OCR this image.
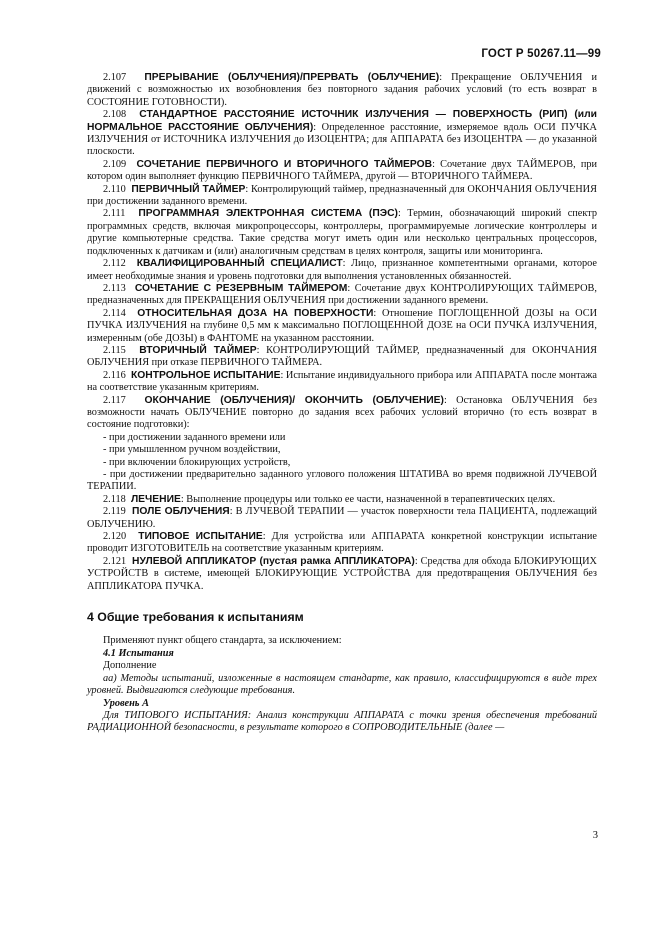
ГОСТ Р 50267.11—99

2.107 ПРЕРЫВАНИЕ (ОБЛУЧЕНИЯ)/ПРЕРВАТЬ (ОБЛУЧЕНИЕ): Прекращение ОБЛУЧЕНИЯ и движений с возможностью их возобновления без повторного задания рабочих условий (то есть возврат в СОСТОЯНИЕ ГОТОВНОСТИ).

2.108 СТАНДАРТНОЕ РАССТОЯНИЕ ИСТОЧНИК ИЗЛУЧЕНИЯ — ПОВЕРХНОСТЬ (РИП) (или НОРМАЛЬНОЕ РАССТОЯНИЕ ОБЛУЧЕНИЯ): Определенное расстояние, измеряемое вдоль ОСИ ПУЧКА ИЗЛУЧЕНИЯ от ИСТОЧНИКА ИЗЛУЧЕНИЯ до ИЗОЦЕНТРА; для АППАРАТА без ИЗОЦЕНТРА — до указанной плоскости.

2.109 СОЧЕТАНИЕ ПЕРВИЧНОГО И ВТОРИЧНОГО ТАЙМЕРОВ: Сочетание двух ТАЙМЕРОВ, при котором один выполняет функцию ПЕРВИЧНОГО ТАЙМЕРА, другой — ВТОРИЧНОГО ТАЙМЕРА.

2.110 ПЕРВИЧНЫЙ ТАЙМЕР: Контролирующий таймер, предназначенный для ОКОНЧАНИЯ ОБЛУЧЕНИЯ при достижении заданного времени.

2.111 ПРОГРАММНАЯ ЭЛЕКТРОННАЯ СИСТЕМА (ПЭС): Термин, обозначающий широкий спектр программных средств, включая микропроцессоры, контроллеры, программируемые логические контроллеры и другие компьютерные средства. Такие средства могут иметь один или несколько центральных процессоров, подключенных к датчикам и (или) аналогичным средствам в целях контроля, защиты или мониторинга.

2.112 КВАЛИФИЦИРОВАННЫЙ СПЕЦИАЛИСТ: Лицо, признанное компетентными органами, которое имеет необходимые знания и уровень подготовки для выполнения установленных обязанностей.

2.113 СОЧЕТАНИЕ С РЕЗЕРВНЫМ ТАЙМЕРОМ: Сочетание двух КОНТРОЛИРУЮЩИХ ТАЙМЕРОВ, предназначенных для ПРЕКРАЩЕНИЯ ОБЛУЧЕНИЯ при достижении заданного времени.

2.114 ОТНОСИТЕЛЬНАЯ ДОЗА НА ПОВЕРХНОСТИ: Отношение ПОГЛОЩЕННОЙ ДОЗЫ на ОСИ ПУЧКА ИЗЛУЧЕНИЯ на глубине 0,5 мм к максимально ПОГЛОЩЕННОЙ ДОЗЕ на ОСИ ПУЧКА ИЗЛУЧЕНИЯ, измеренным (обе ДОЗЫ) в ФАНТОМЕ на указанном расстоянии.

2.115 ВТОРИЧНЫЙ ТАЙМЕР: КОНТРОЛИРУЮЩИЙ ТАЙМЕР, предназначенный для ОКОНЧАНИЯ ОБЛУЧЕНИЯ при отказе ПЕРВИЧНОГО ТАЙМЕРА.

2.116 КОНТРОЛЬНОЕ ИСПЫТАНИЕ: Испытание индивидуального прибора или АППАРАТА после монтажа на соответствие указанным критериям.

2.117 ОКОНЧАНИЕ (ОБЛУЧЕНИЯ)/ ОКОНЧИТЬ (ОБЛУЧЕНИЕ): Остановка ОБЛУЧЕНИЯ без возможности начать ОБЛУЧЕНИЕ повторно до задания всех рабочих условий вторично (то есть возврат в состояние подготовки):

- при достижении заданного времени или
- при умышленном ручном воздействии,
- при включении блокирующих устройств,
- при достижении предварительно заданного углового положения ШТАТИВА во время подвижной ЛУЧЕВОЙ ТЕРАПИИ.

2.118 ЛЕЧЕНИЕ: Выполнение процедуры или только ее части, назначенной в терапевтических целях.

2.119 ПОЛЕ ОБЛУЧЕНИЯ: В ЛУЧЕВОЙ ТЕРАПИИ — участок поверхности тела ПАЦИЕНТА, подлежащий ОБЛУЧЕНИЮ.

2.120 ТИПОВОЕ ИСПЫТАНИЕ: Для устройства или АППАРАТА конкретной конструкции испытание проводит ИЗГОТОВИТЕЛЬ на соответствие указанным критериям.

2.121 НУЛЕВОЙ АППЛИКАТОР (пустая рамка АППЛИКАТОРА): Средства для обхода БЛОКИРУЮЩИХ УСТРОЙСТВ в системе, имеющей БЛОКИРУЮЩИЕ УСТРОЙСТВА для предотвращения ОБЛУЧЕНИЯ без АППЛИКАТОРА ПУЧКА.

4 Общие требования к испытаниям

Применяют пункт общего стандарта, за исключением:

4.1 Испытания

Дополнение

аа) Методы испытаний, изложенные в настоящем стандарте, как правило, классифицируются в виде трех уровней. Выдвигаются следующие требования.

Уровень А

Для ТИПОВОГО ИСПЫТАНИЯ: Анализ конструкции АППАРАТА с точки зрения обеспечения требований РАДИАЦИОННОЙ безопасности, в результате которого в СОПРОВОДИТЕЛЬНЫЕ (далее —

3
